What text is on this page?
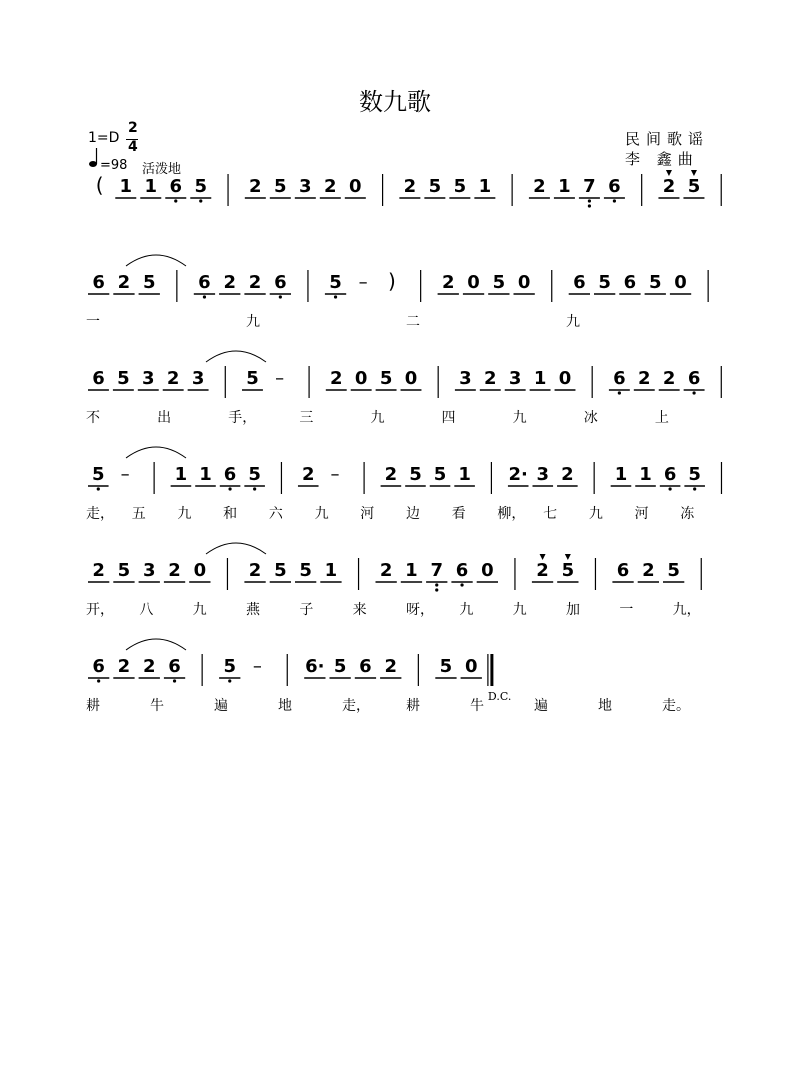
数九歌
1=D
2
4
=98 活泼地
民间歌谣
李 鑫曲
( 1 1 6 5 2 5 3 2 0 2 5 5 1 2 1 7 6 2 5
6 2 5 6 2 2 6 5 – )	2 0 5 0 6 5 6 5 0
一	九	二	九
6 5 3 2 3 5 –	2 0 5 0 3 2 3 1 0 6 2 2 6
不	出	手，	三	九	四	九	冰	上
5 –	1 1 6 5 2 –	2 5 5 1 2· 3 2 1 1 6 5
走， 五 九 和 六 九 河 边 看 柳， 七 九 河 冻
2 5 3 2 0 2 5 5 1 2 1 7 6 0 2 5 6 2 5
开， 八	九	燕	子	来	呀， 九	九	加	一	九，
6 2 2 6 5 – 6· 5 6 2 5 0
D.C.
耕	牛	遍	地	走，	耕	牛	遍	地	走。
